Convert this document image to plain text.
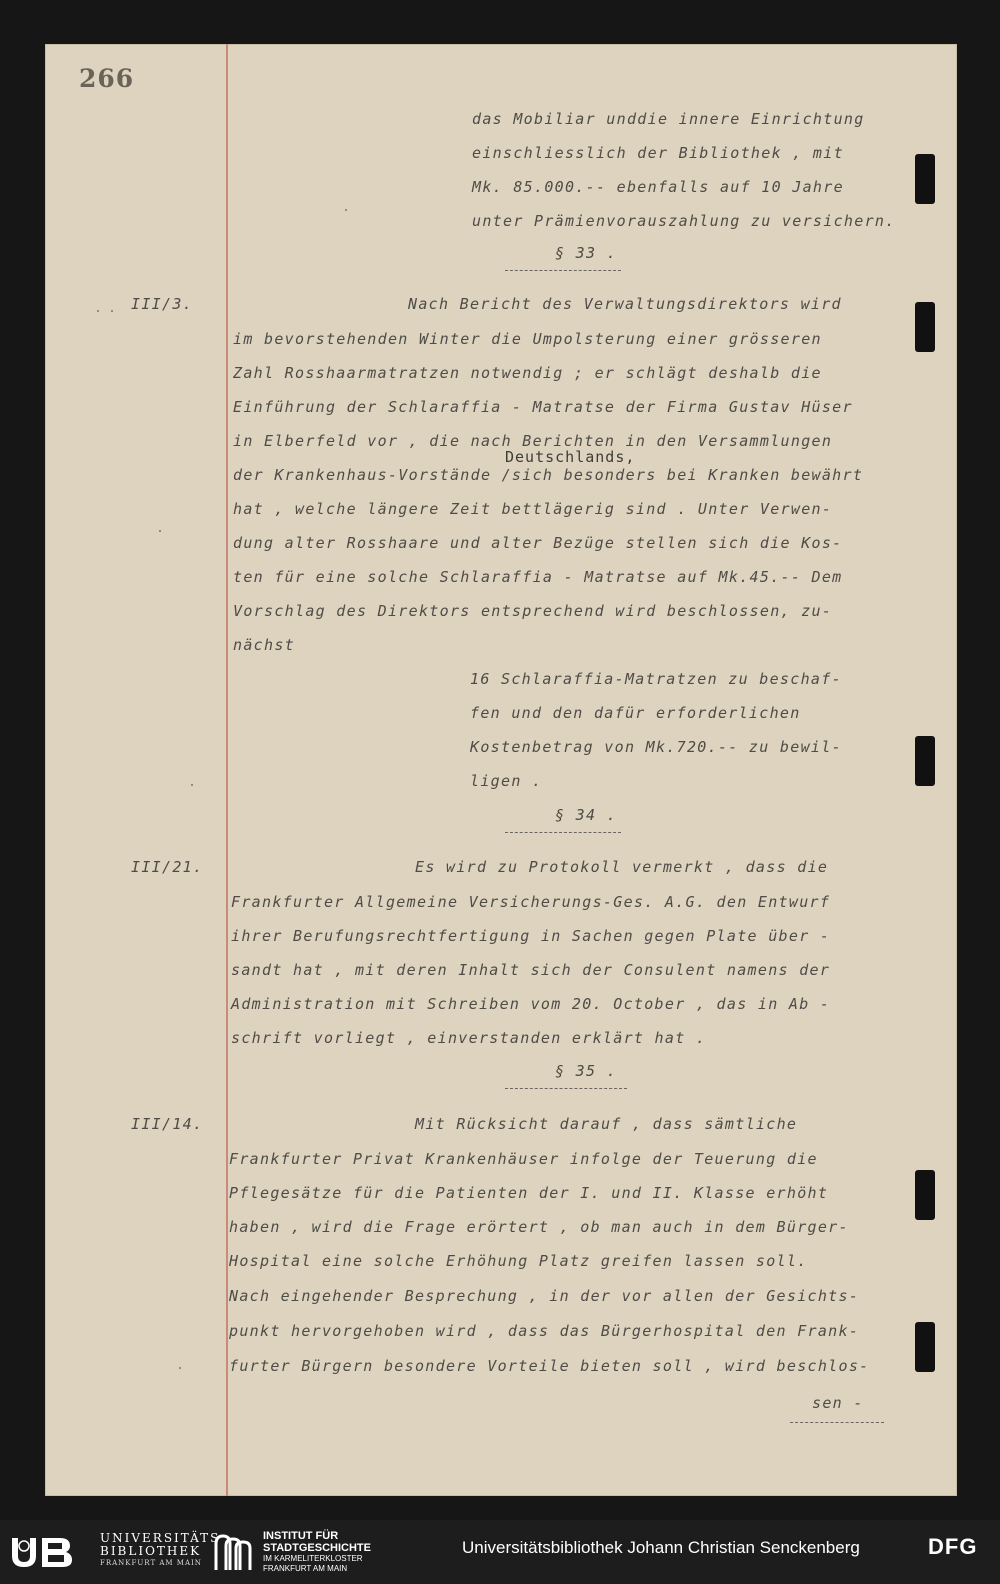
266
das Mobiliar unddie innere Einrichtung
einschliesslich der Bibliothek , mit
Mk. 85.000.-- ebenfalls auf 10 Jahre
unter Prämienvorauszahlung zu versichern.
§ 33 .
III/3.	Nach Bericht des Verwaltungsdirektors wird
im bevorstehenden Winter die Umpolsterung einer grösseren
Zahl Rosshaarmatratzen notwendig ; er schlägt deshalb die
Einführung der Schlaraffia - Matratse der Firma Gustav Hüser
in Elberfeld vor , die nach Berichten in den Versammlungen
Deutschlands,
der Krankenhaus-Vorstände /sich besonders bei Kranken bewährt
hat , welche längere Zeit bettlägerig sind . Unter Verwen-
dung alter Rosshaare und alter Bezüge stellen sich die Kos-
ten für eine solche Schlaraffia - Matratse auf Mk.45.-- Dem
Vorschlag des Direktors entsprechend wird beschlossen, zu-
nächst
16 Schlaraffia-Matratzen zu beschaf-
fen und den dafür erforderlichen
Kostenbetrag von Mk.720.-- zu bewil-
ligen .
§ 34 .
III/21.	Es wird zu Protokoll vermerkt , dass die
Frankfurter Allgemeine Versicherungs-Ges. A.G. den Entwurf
ihrer Berufungsrechtfertigung in Sachen gegen Plate über -
sandt hat , mit deren Inhalt sich der Consulent namens der
Administration mit Schreiben vom 20. October , das in Ab -
schrift vorliegt , einverstanden erklärt hat .
§ 35 .
III/14.	Mit Rücksicht darauf , dass sämtliche
Frankfurter Privat Krankenhäuser infolge der Teuerung die
Pflegesätze für die Patienten der I. und II. Klasse erhöht
haben , wird die Frage erörtert , ob man auch in dem Bürger-
Hospital eine solche Erhöhung Platz greifen lassen soll.
Nach eingehender Besprechung , in der vor allen der Gesichts-
punkt hervorgehoben wird , dass das Bürgerhospital den Frank-
furter Bürgern besondere Vorteile bieten soll , wird beschlos-
sen -
UNIVERSITÄTS
BIBLIOTHEK
FRANKFURT AM MAIN
INSTITUT FÜR
STADTGESCHICHTE
IM KARMELITERKLOSTER
FRANKFURT AM MAIN
Universitätsbibliothek Johann Christian Senckenberg	DFG
